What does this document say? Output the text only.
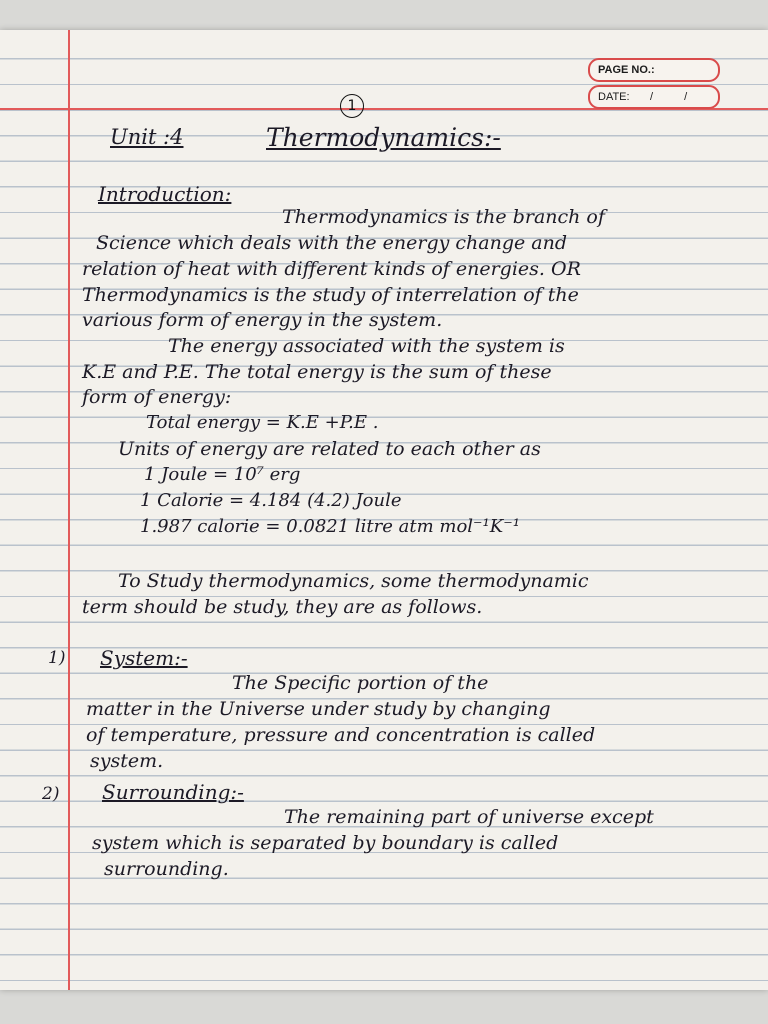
PAGE NO.:
DATE: / /
1
Unit :4	Thermodynamics:-
Introduction:
Thermodynamics is the branch of
Science which deals with the energy change and
relation of heat with different kinds of energies. OR
Thermodynamics is the study of interrelation of the
various form of energy in the system.
The energy associated with the system is
K.E and P.E. The total energy is the sum of these
form of energy:
Total energy = K.E +P.E .
Units of energy are related to each other as
1 Joule = 10⁷ erg
1 Calorie = 4.184 (4.2) Joule
1.987 calorie = 0.0821 litre atm mol⁻¹K⁻¹
To Study thermodynamics, some thermodynamic
term should be study, they are as follows.
1) System:-
The Specific portion of the
matter in the Universe under study by changing
of temperature, pressure and concentration is called
system.
2) Surrounding:-
The remaining part of universe except
system which is separated by boundary is called
surrounding.
